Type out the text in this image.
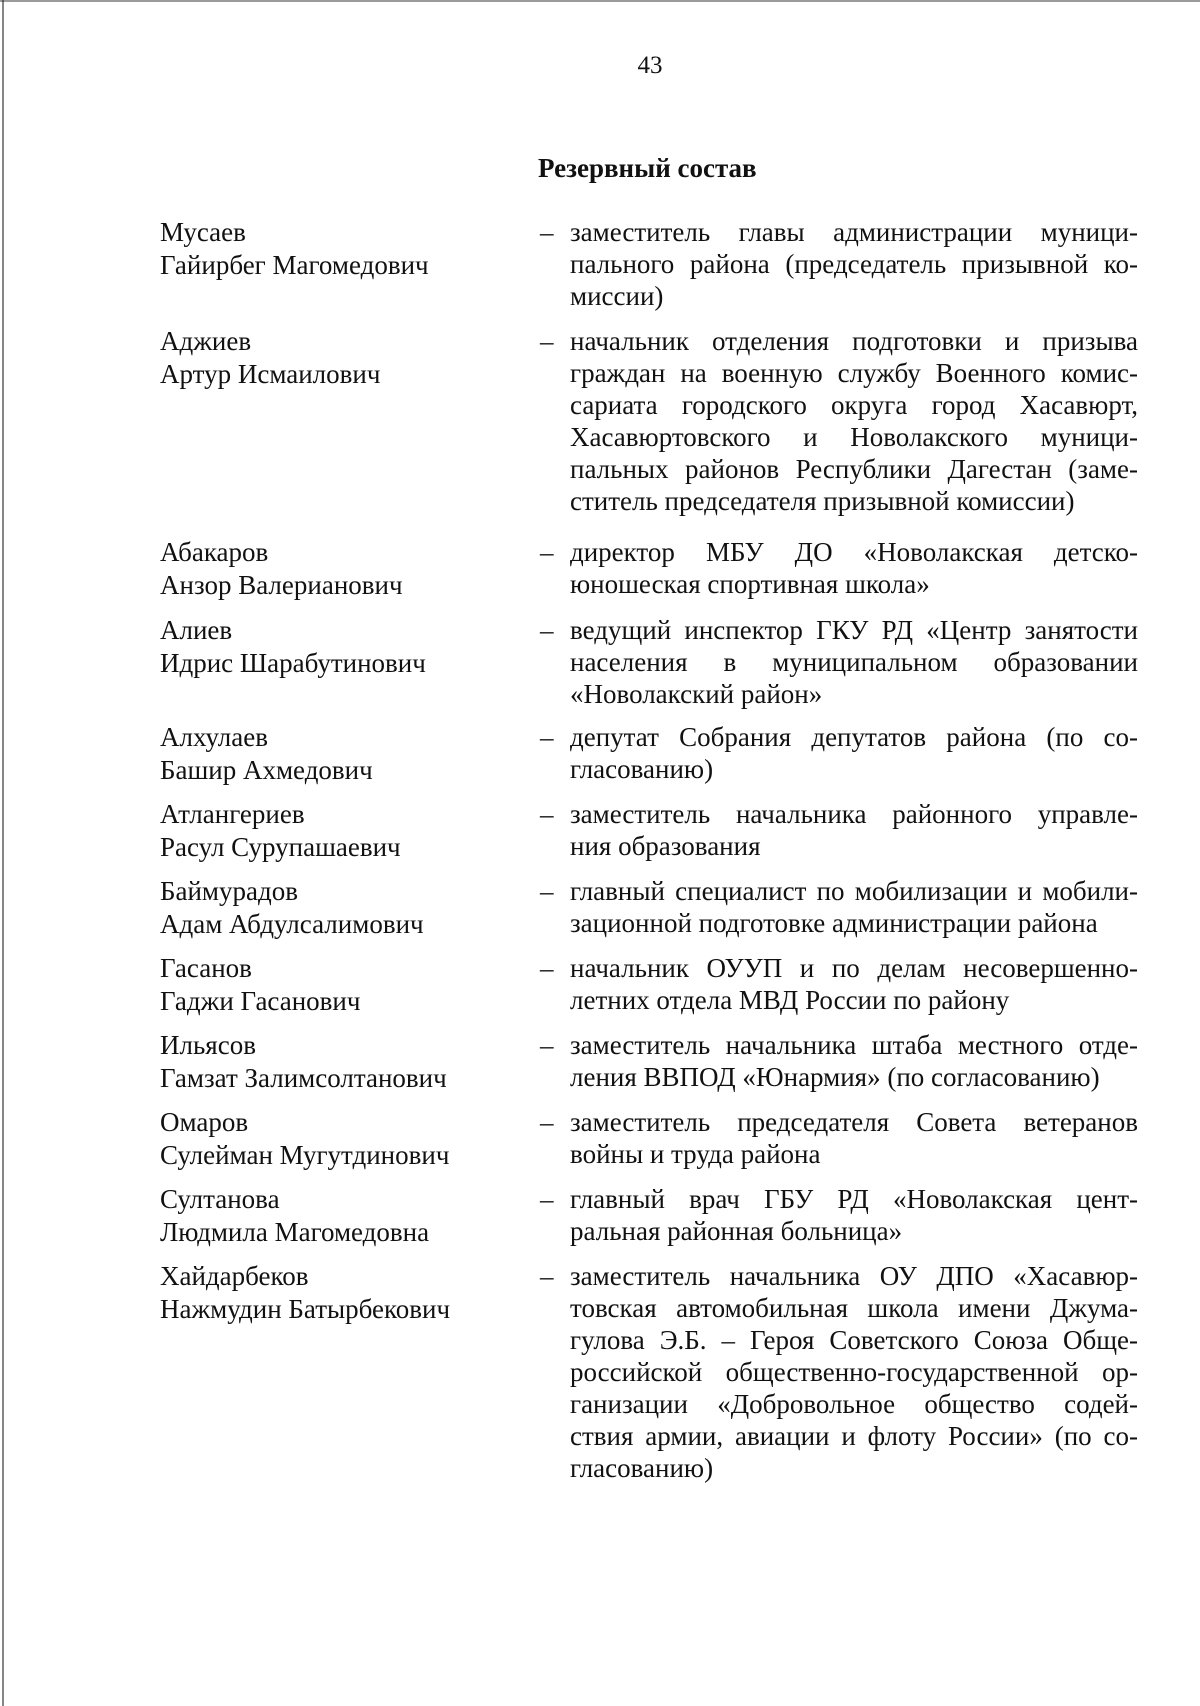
43
Резервный состав
Мусаев
Гайирбег Магомедович
– заместитель главы администрации муници-
пального района (председатель призывной ко-
миссии)
Аджиев
Артур Исмаилович
– начальник отделения подготовки и призыва
граждан на военную службу Военного комис-
сариата городского округа город Хасавюрт,
Хасавюртовского и Новолакского муници-
пальных районов Республики Дагестан (заме-
ститель председателя призывной комиссии)
Абакаров
Анзор Валерианович
– директор МБУ ДО «Новолакская детско-
юношеская спортивная школа»
Алиев
Идрис Шарабутинович
– ведущий инспектор ГКУ РД «Центр занятости
населения в муниципальном образовании
«Новолакский район»
Алхулаев
Башир Ахмедович
– депутат Собрания депутатов района (по со-
гласованию)
Атлангериев
Расул Сурупашаевич
– заместитель начальника районного управле-
ния образования
Баймурадов
Адам Абдулсалимович
– главный специалист по мобилизации и мобили-
зационной подготовке администрации района
Гасанов
Гаджи Гасанович
– начальник ОУУП и по делам несовершенно-
летних отдела МВД России по району
Ильясов
Гамзат Залимсолтанович
– заместитель начальника штаба местного отде-
ления ВВПОД «Юнармия» (по согласованию)
Омаров
Сулейман Мугутдинович
– заместитель председателя Совета ветеранов
войны и труда района
Султанова
Людмила Магомедовна
– главный врач ГБУ РД «Новолакская цент-
ральная районная больница»
Хайдарбеков
Нажмудин Батырбекович
– заместитель начальника ОУ ДПО «Хасавюр-
товская автомобильная школа имени Джума-
гулова Э.Б. – Героя Советского Союза Обще-
российской общественно-государственной ор-
ганизации «Добровольное общество содей-
ствия армии, авиации и флоту России» (по со-
гласованию)
